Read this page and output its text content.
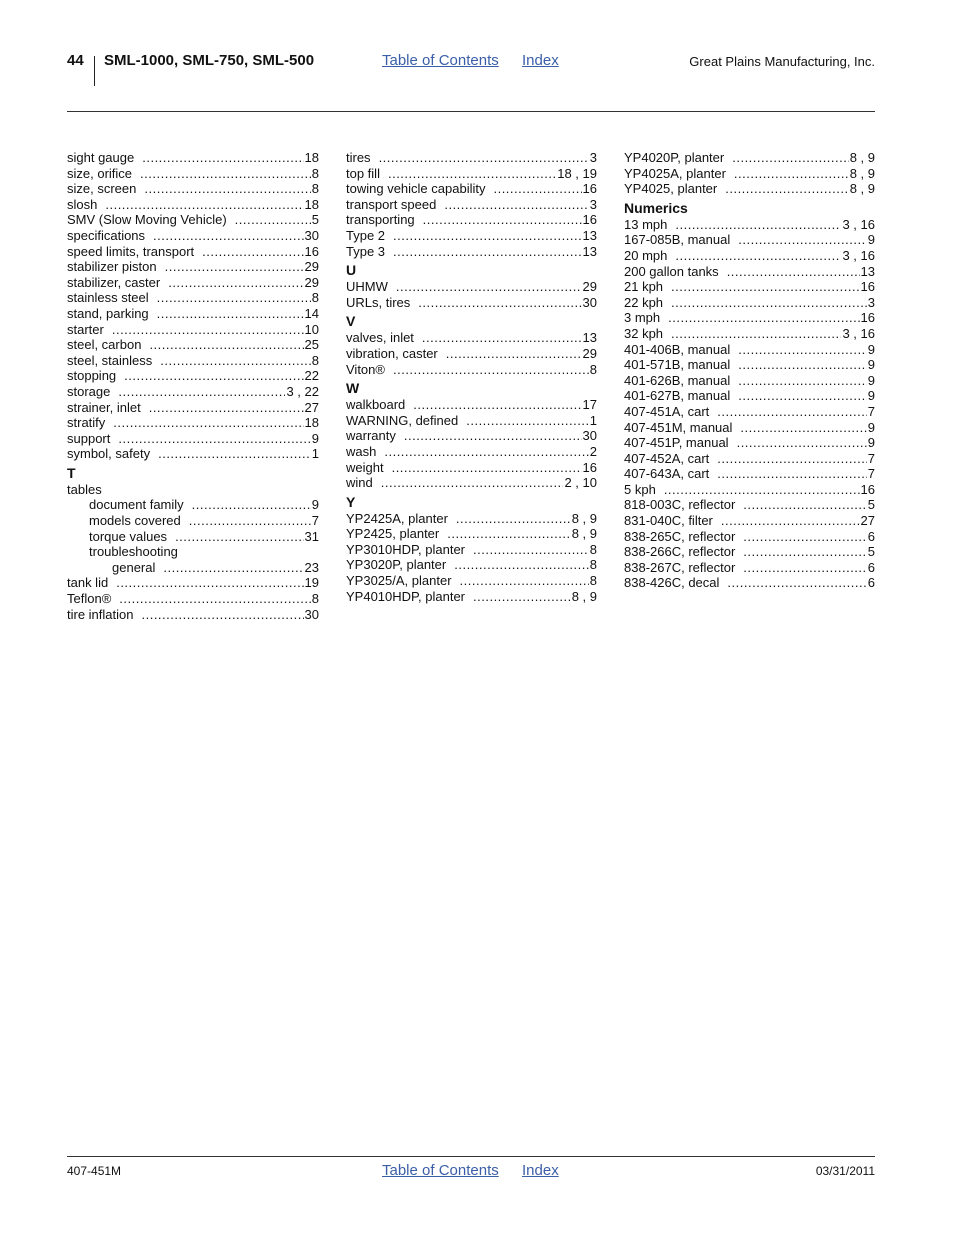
44 SML-1000, SML-750, SML-500	Table of Contents Index	Great Plains Manufacturing, Inc.
sight gauge .....	18
size, orifice .....	8
size, screen .....	8
slosh .....	18
SMV (Slow Moving Vehicle) .....	5
specifications .....	30
speed limits, transport .....	16
stabilizer piston .....	29
stabilizer, caster .....	29
stainless steel .....	8
stand, parking .....	14
starter .....	10
steel, carbon .....	25
steel, stainless .....	8
stopping .....	22
storage .....	3 , 22
strainer, inlet .....	27
stratify .....	18
support .....	9
symbol, safety .....	1
T
tables
document family .....	9
models covered .....	7
torque values .....	31
troubleshooting
general .....	23
tank lid .....	19
Teflon® .....	8
tire inflation .....	30
tires .....	3
top fill .....	18 , 19
towing vehicle capability .....	16
transport speed .....	3
transporting .....	16
Type 2 .....	13
Type 3 .....	13
U
UHMW .....	29
URLs, tires .....	30
V
valves, inlet .....	13
vibration, caster .....	29
Viton® .....	8
W
walkboard .....	17
WARNING, defined .....	1
warranty .....	30
wash .....	2
weight .....	16
wind .....	2 , 10
Y
YP2425A, planter .....	8 , 9
YP2425, planter .....	8 , 9
YP3010HDP, planter .....	8
YP3020P, planter .....	8
YP3025/A, planter .....	8
YP4010HDP, planter .....	8 , 9
YP4020P, planter .....	8 , 9
YP4025A, planter .....	8 , 9
YP4025, planter .....	8 , 9
Numerics
13 mph .....	3 , 16
167-085B, manual .....	9
20 mph .....	3 , 16
200 gallon tanks .....	13
21 kph .....	16
22 kph .....	3
3 mph .....	16
32 kph .....	3 , 16
401-406B, manual .....	9
401-571B, manual .....	9
401-626B, manual .....	9
401-627B, manual .....	9
407-451A, cart .....	7
407-451M, manual .....	9
407-451P, manual .....	9
407-452A, cart .....	7
407-643A, cart .....	7
5 kph .....	16
818-003C, reflector .....	5
831-040C, filter .....	27
838-265C, reflector .....	6
838-266C, reflector .....	5
838-267C, reflector .....	6
838-426C, decal .....	6
407-451M	Table of Contents Index	03/31/2011
